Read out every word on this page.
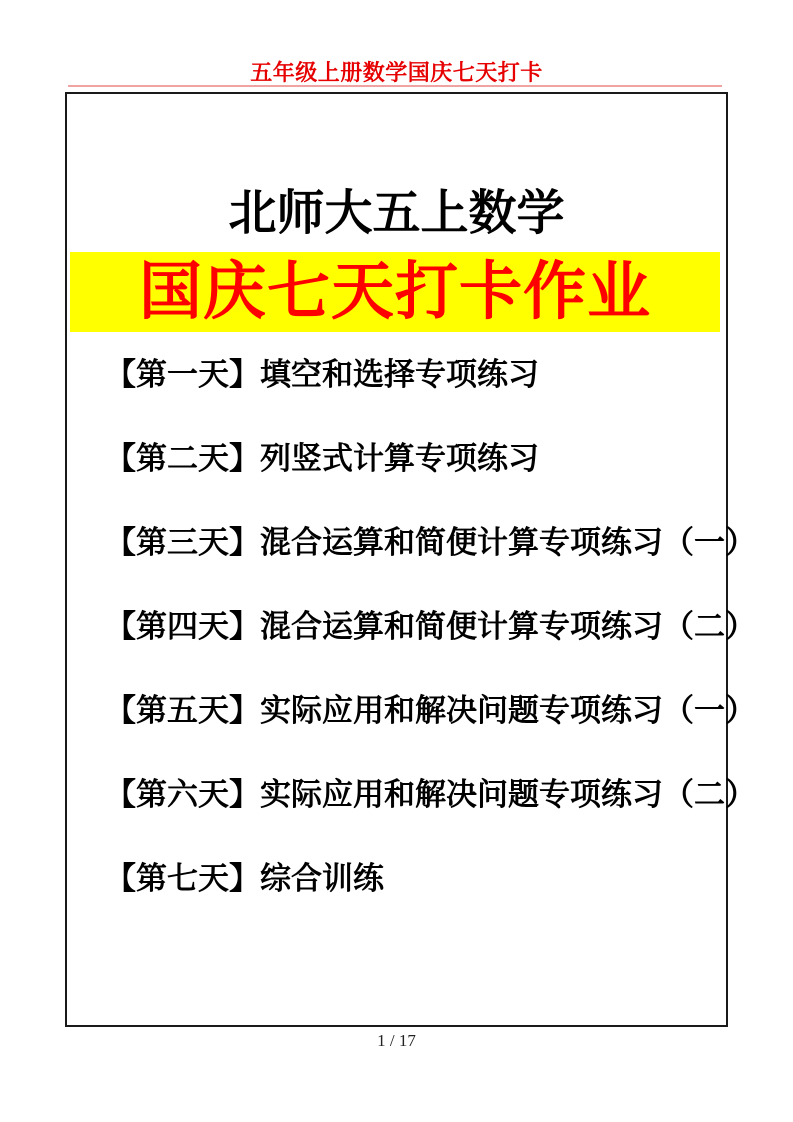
五年级上册数学国庆七天打卡
北师大五上数学
国庆七天打卡作业
【第一天】填空和选择专项练习
【第二天】列竖式计算专项练习
【第三天】混合运算和简便计算专项练习（一）
【第四天】混合运算和简便计算专项练习（二）
【第五天】实际应用和解决问题专项练习（一）
【第六天】实际应用和解决问题专项练习（二）
【第七天】综合训练
1 / 17
